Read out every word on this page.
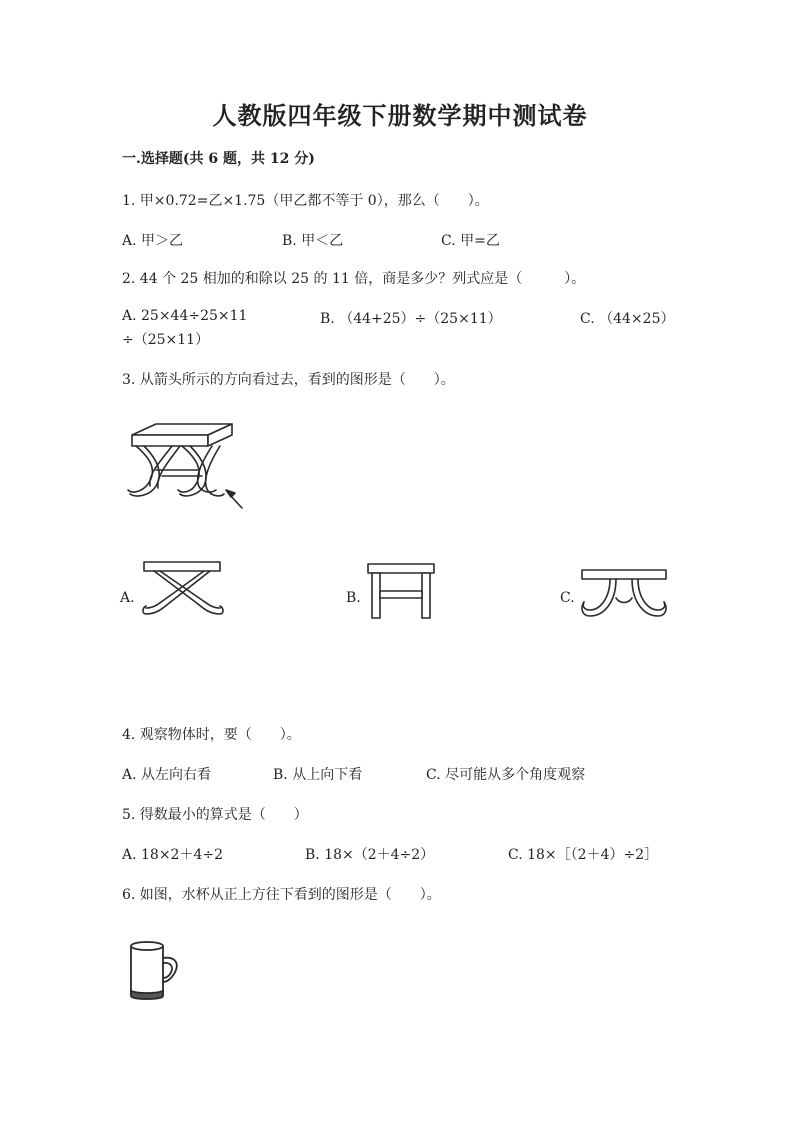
人教版四年级下册数学期中测试卷
一.选择题(共 6 题，共 12 分)
1. 甲×0.72=乙×1.75（甲乙都不等于 0），那么（　　）。
A. 甲＞乙	B. 甲＜乙	C. 甲=乙
2. 44 个 25 相加的和除以 25 的 11 倍，商是多少？列式应是（　　　）。
A. 25×44÷25×11	B. （44+25）÷（25×11）	C. （44×25）
÷（25×11）
3. 从箭头所示的方向看过去，看到的图形是（　　）。
A.	B.	C.
4. 观察物体时，要（　　）。
A. 从左向右看	B. 从上向下看	C. 尽可能从多个角度观察
5. 得数最小的算式是（　　）
A. 18×2＋4÷2	B. 18×（2＋4÷2）	C. 18×［（2＋4）÷2］
6. 如图，水杯从正上方往下看到的图形是（　　）。
